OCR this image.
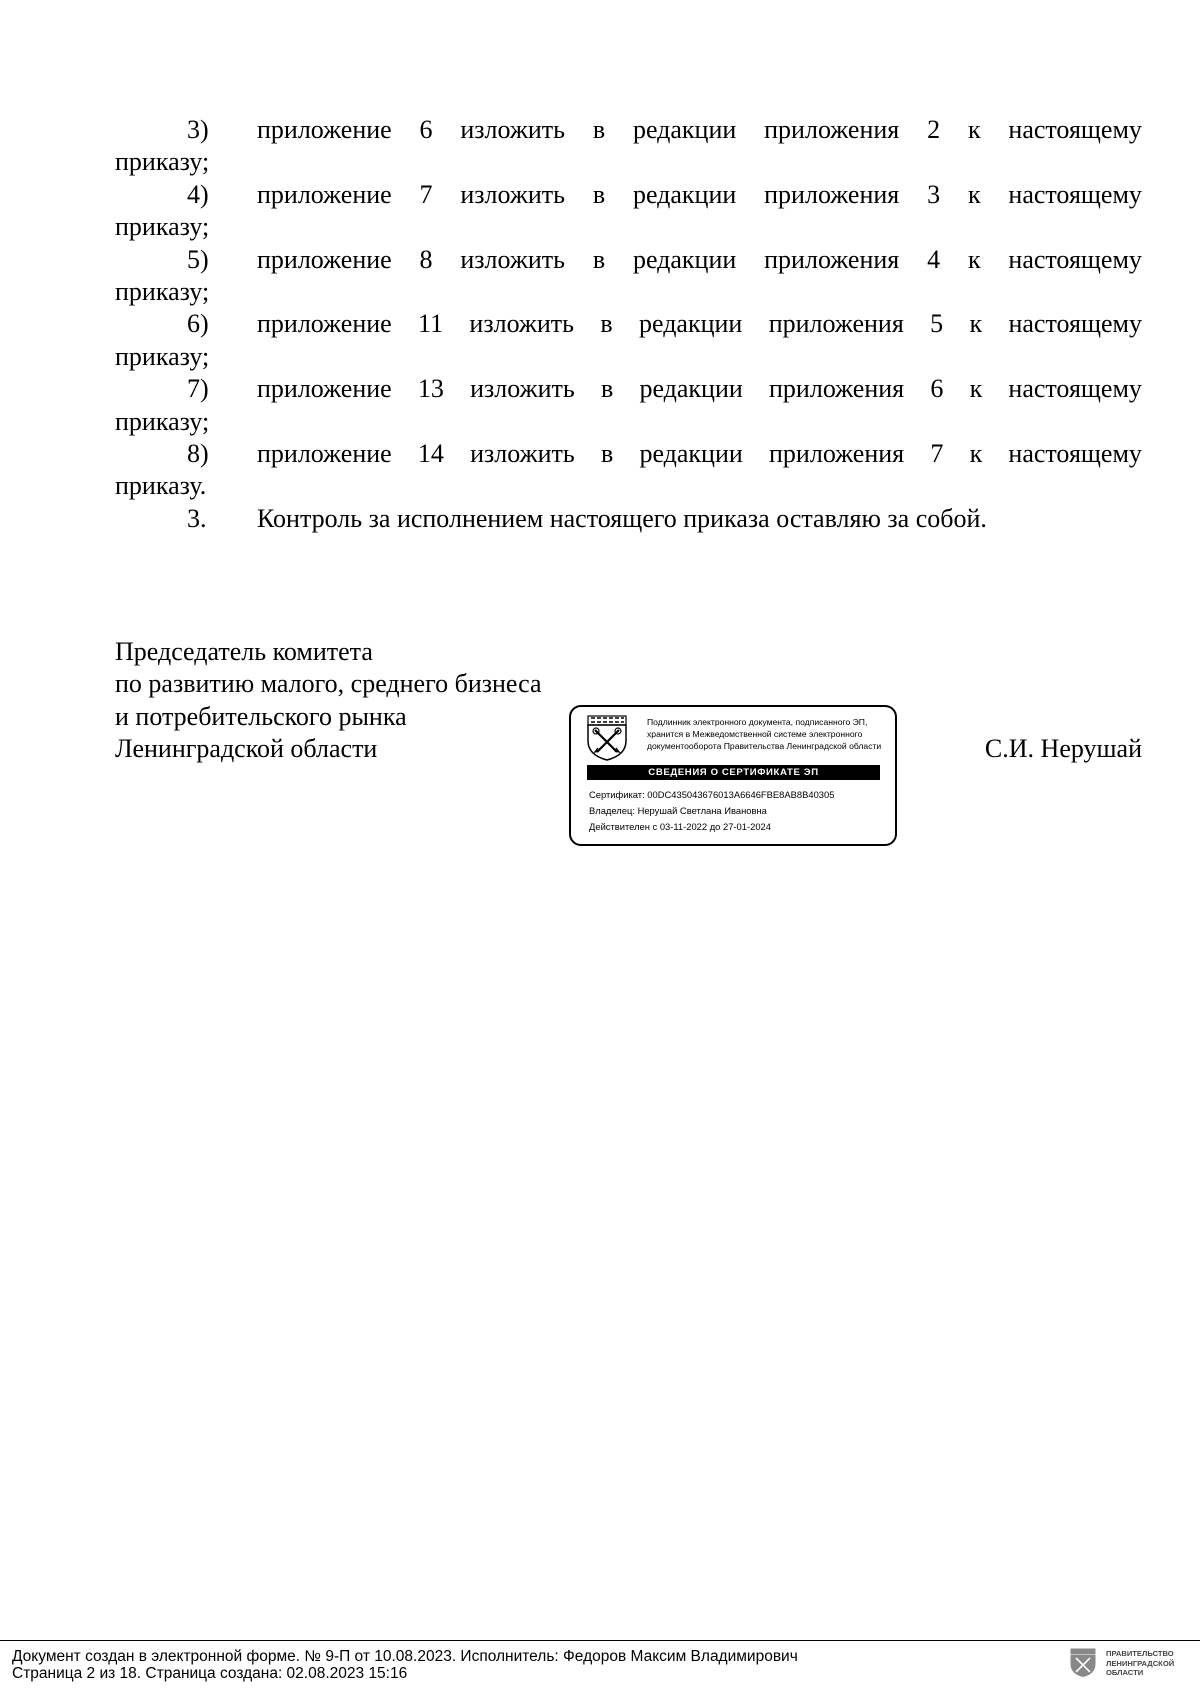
3)	приложение 6 изложить в редакции приложения 2 к настоящему
приказу;
4)	приложение 7 изложить в редакции приложения 3 к настоящему
приказу;
5)	приложение 8 изложить в редакции приложения 4 к настоящему
приказу;
6)	приложение 11 изложить в редакции приложения 5 к настоящему
приказу;
7)	приложение 13 изложить в редакции приложения 6 к настоящему
приказу;
8)	приложение 14 изложить в редакции приложения 7 к настоящему
приказу.
3.	Контроль за исполнением настоящего приказа оставляю за собой.
Председатель комитета
по развитию малого, среднего бизнеса
и потребительского рынка
Ленинградской области	С.И. Нерушай
Подлинник электронного документа, подписанного ЭП,
хранится в Межведомственной системе электронного
документооборота Правительства Ленинградской области
СВЕДЕНИЯ О СЕРТИФИКАТЕ ЭП
Сертификат: 00DC435043676013A6646FBE8AB8B40305
Владелец: Нерушай Светлана Ивановна
Действителен с 03-11-2022 до 27-01-2024
Документ создан в электронной форме. № 9-П от 10.08.2023. Исполнитель: Федоров Максим Владимирович
Страница 2 из 18. Страница создана: 02.08.2023 15:16
ПРАВИТЕЛЬСТВО
ЛЕНИНГРАДСКОЙ
ОБЛАСТИ
